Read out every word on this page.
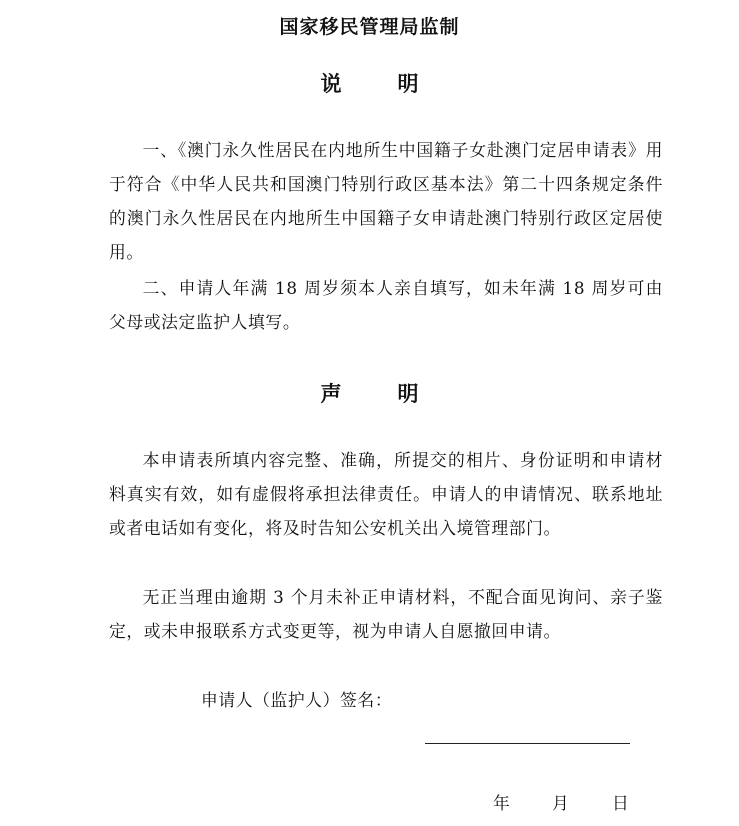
国家移民管理局监制
说	明
一、《澳门永久性居民在内地所生中国籍子女赴澳门定居申请表》用于符合《中华人民共和国澳门特别行政区基本法》第二十四条规定条件的澳门永久性居民在内地所生中国籍子女申请赴澳门特别行政区定居使用。
二、申请人年满 18 周岁须本人亲自填写，如未年满 18 周岁可由父母或法定监护人填写。
声	明
本申请表所填内容完整、准确，所提交的相片、身份证明和申请材料真实有效，如有虚假将承担法律责任。申请人的申请情况、联系地址或者电话如有变化，将及时告知公安机关出入境管理部门。
无正当理由逾期 3 个月未补正申请材料，不配合面见询问、亲子鉴定，或未申报联系方式变更等，视为申请人自愿撤回申请。
申请人（监护人）签名：
年	月	日
